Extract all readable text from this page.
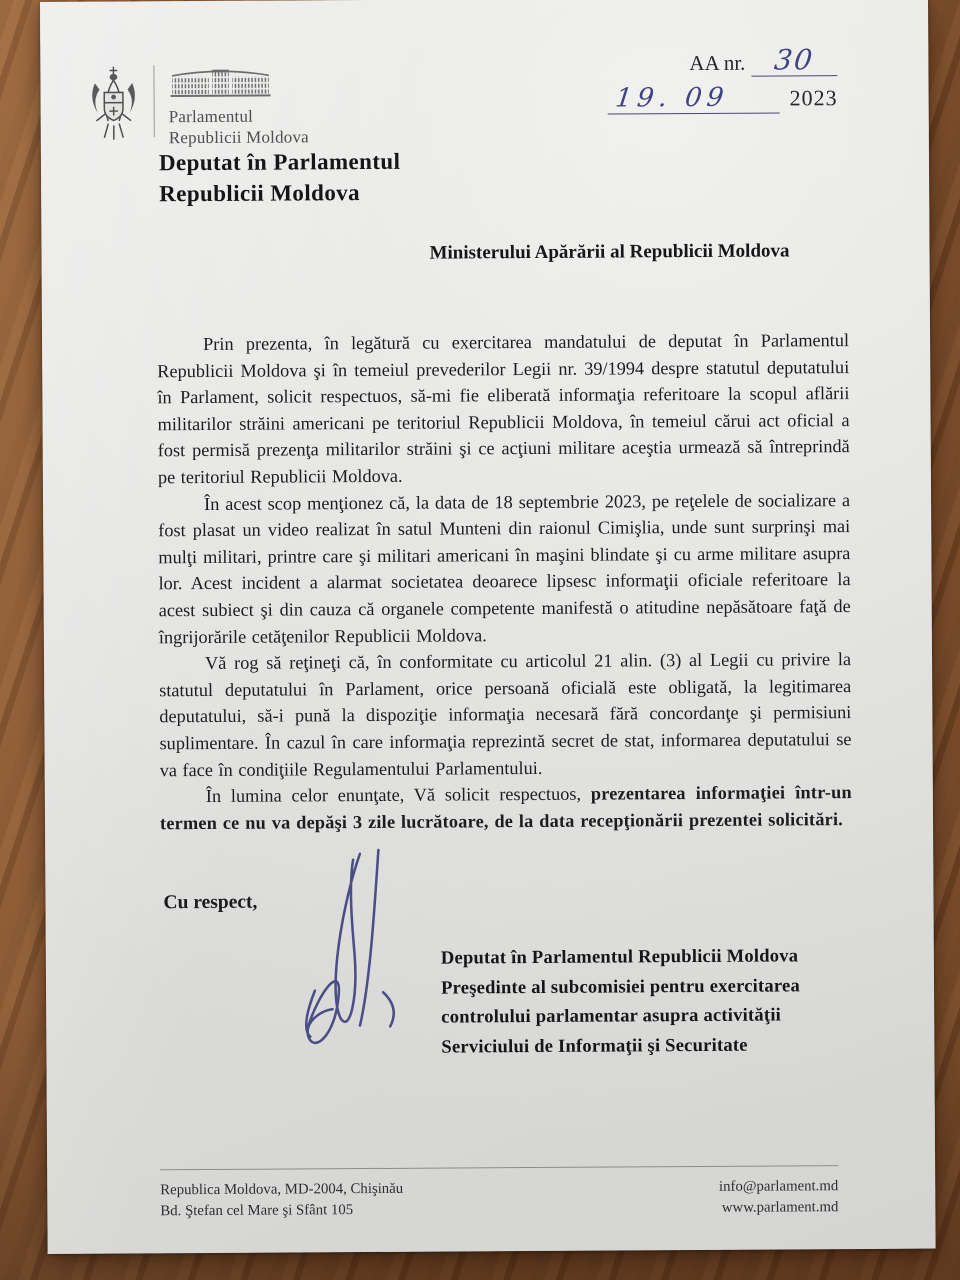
Parlamentul
Republicii Moldova
AA nr. 30
19. 09	2023
Deputat în Parlamentul
Republicii Moldova
Ministerului Apărării al Republicii Moldova

Prin prezenta, în legătură cu exercitarea mandatului de deputat în Parlamentul Republicii Moldova şi în temeiul prevederilor Legii nr. 39/1994 despre statutul deputatului în Parlament, solicit respectuos, să-mi fie eliberată informaţia referitoare la scopul aflării militarilor străini americani pe teritoriul Republicii Moldova, în temeiul cărui act oficial a fost permisă prezenţa militarilor străini şi ce acţiuni militare aceştia urmează să întreprindă pe teritoriul Republicii Moldova.

În acest scop menţionez că, la data de 18 septembrie 2023, pe reţelele de socializare a fost plasat un video realizat în satul Munteni din raionul Cimişlia, unde sunt surprinşi mai mulţi militari, printre care şi militari americani în maşini blindate şi cu arme militare asupra lor. Acest incident a alarmat societatea deoarece lipsesc informaţii oficiale referitoare la acest subiect şi din cauza că organele competente manifestă o atitudine nepăsătoare faţă de îngrijorările cetăţenilor Republicii Moldova.

Vă rog să reţineţi că, în conformitate cu articolul 21 alin. (3) al Legii cu privire la statutul deputatului în Parlament, orice persoană oficială este obligată, la legitimarea deputatului, să-i pună la dispoziţie informaţia necesară fără concordanţe şi permisiuni suplimentare. În cazul în care informaţia reprezintă secret de stat, informarea deputatului se va face în condiţiile Regulamentului Parlamentului.

În lumina celor enunţate, Vă solicit respectuos, prezentarea informaţiei într-un termen ce nu va depăşi 3 zile lucrătoare, de la data recepţionării prezentei solicitări.

Cu respect,
Deputat în Parlamentul Republicii Moldova
Preşedinte al subcomisiei pentru exercitarea
controlului parlamentar asupra activităţii
Serviciului de Informaţii şi Securitate
Republica Moldova, MD-2004, Chişinău
Bd. Ştefan cel Mare şi Sfânt 105
info@parlament.md
www.parlament.md
